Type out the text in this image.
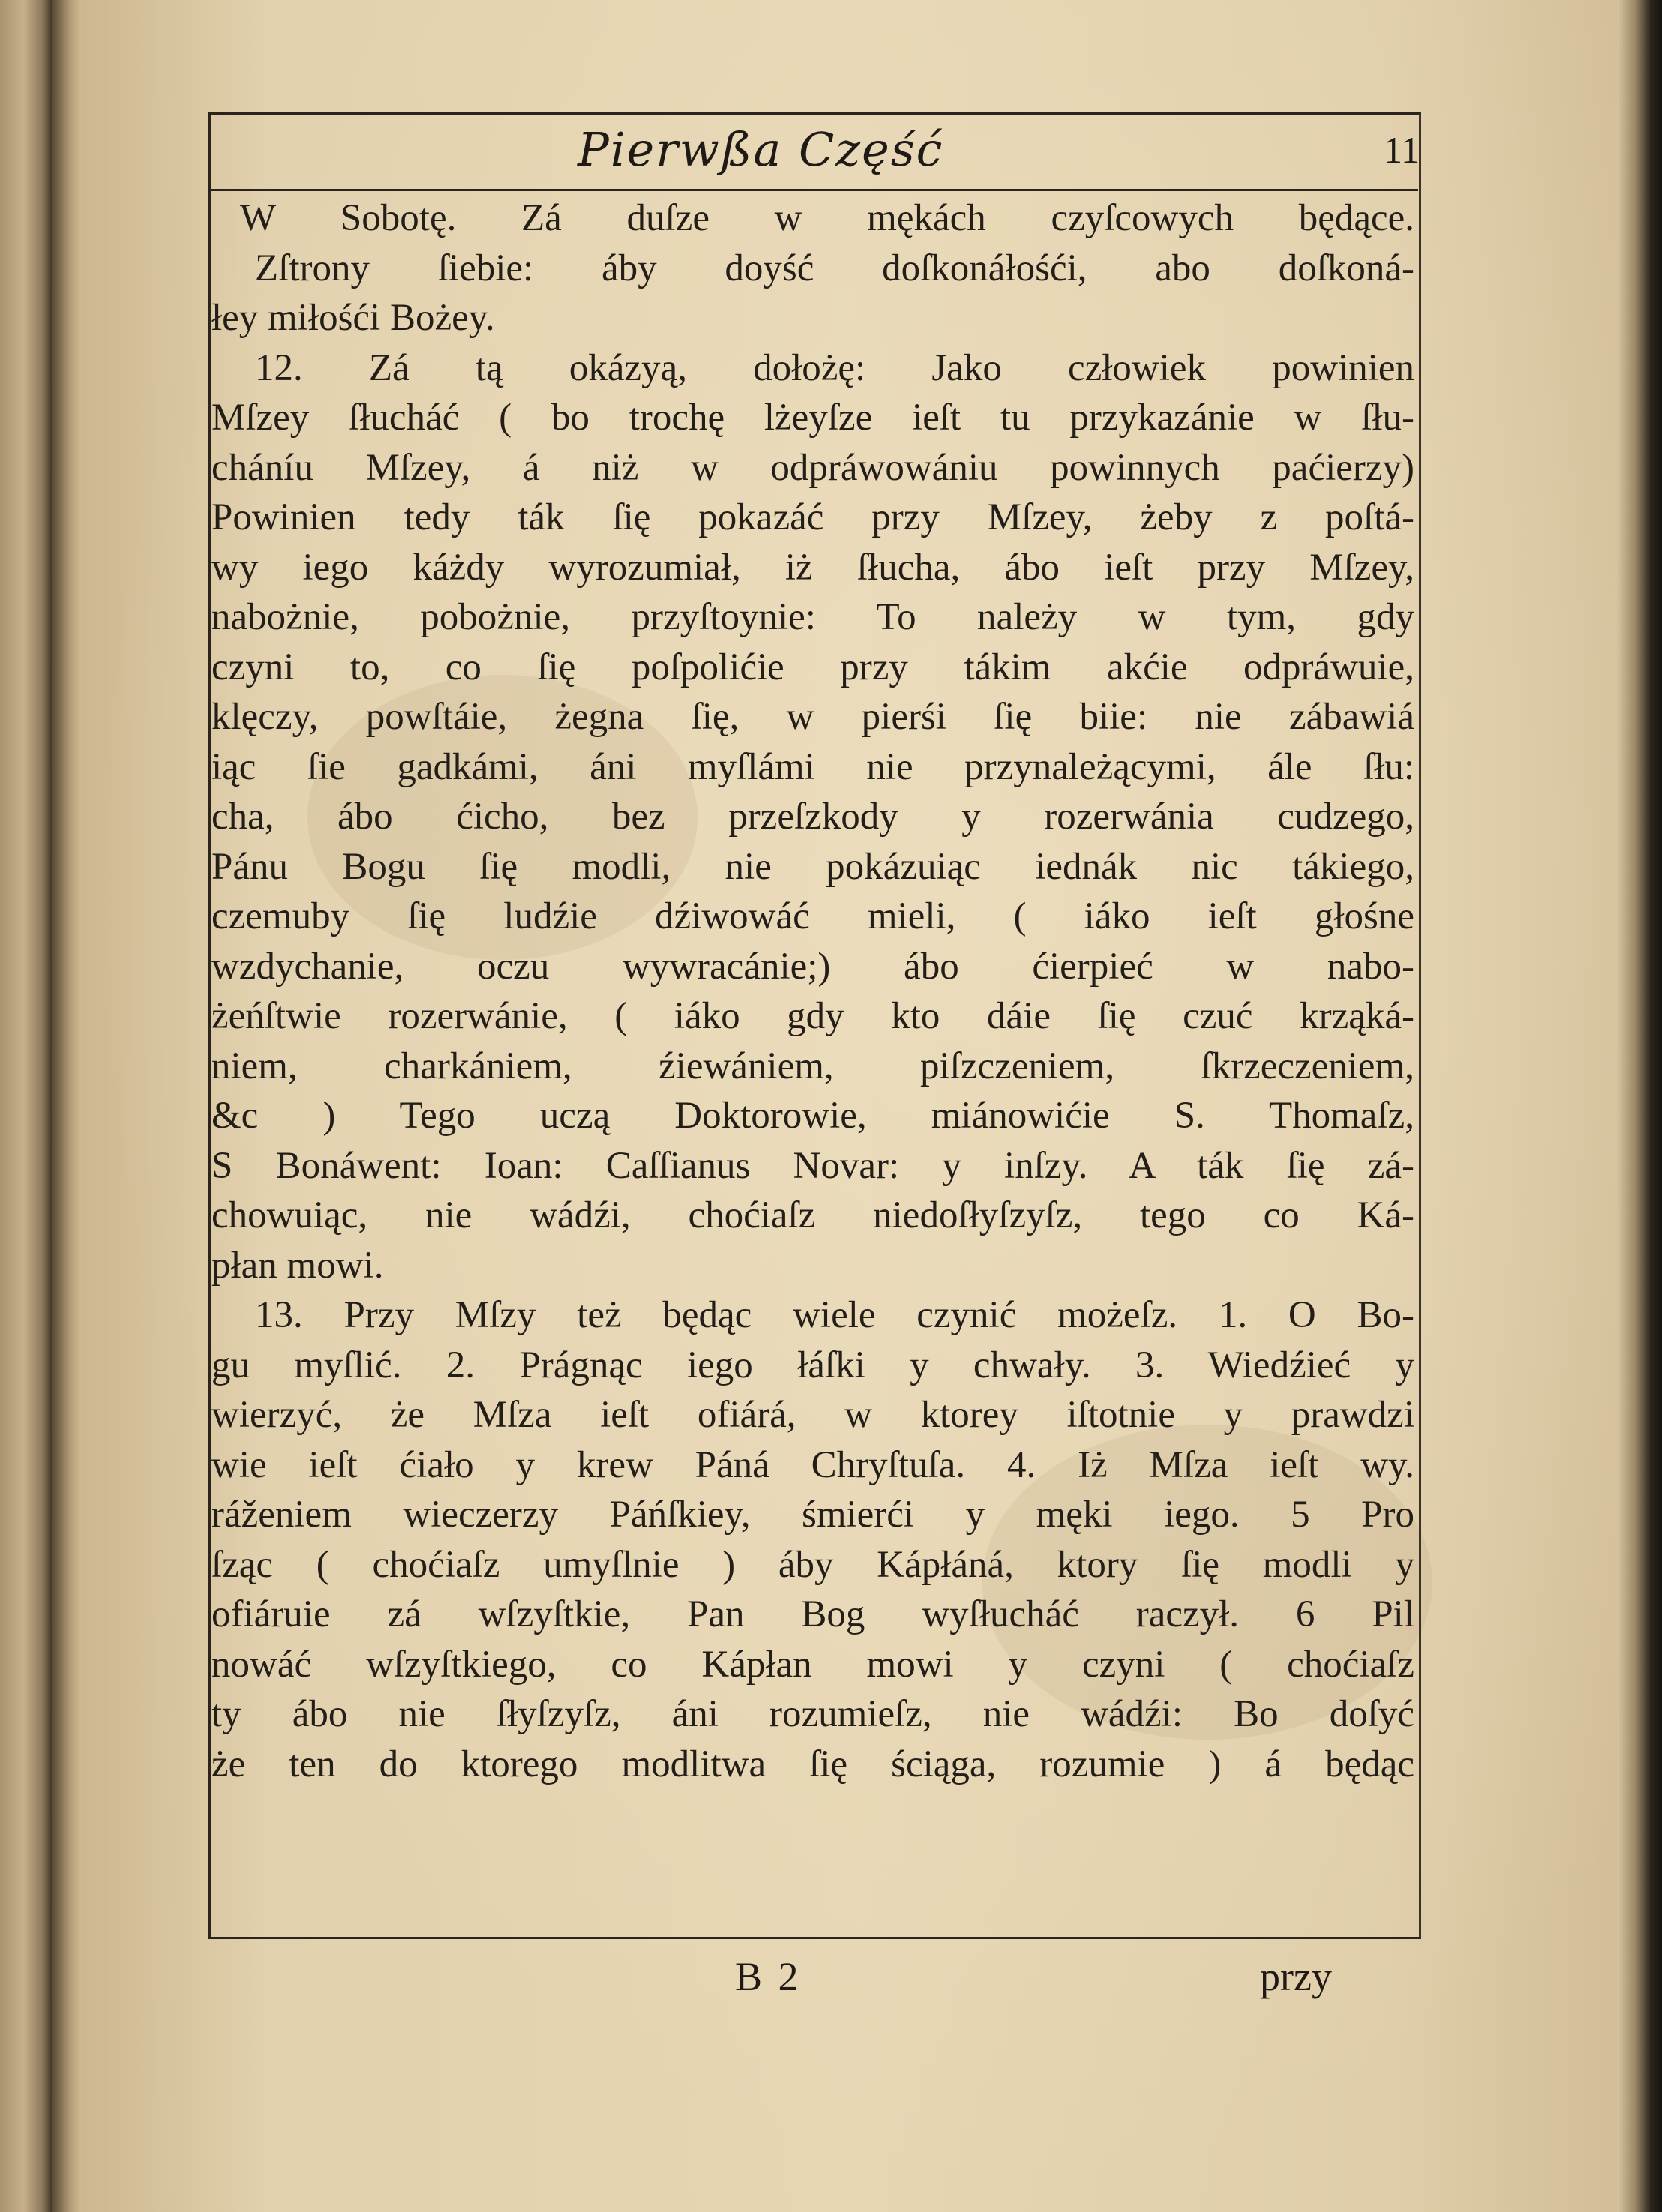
Pierwßa Część	11
W Sobotę. Zá duſze w mękách czyſcowych będące.
Zſtrony ſiebie: áby doyść doſkonáłośći, abo doſkoná-
łey miłośći Bożey.
12. Zá tą okázyą, dołożę: Jako człowiek powinien
Mſzey ſłucháć ( bo trochę lżeyſze ieſt tu przykazánie w ſłu-
cháníu Mſzey, á niż w odpráwowániu powinnych paćierzy)
Powinien tedy ták ſię pokazáć przy Mſzey, żeby z poſtá-
wy iego káżdy wyrozumiał, iż ſłucha, ábo ieſt przy Mſzey,
nabożnie, pobożnie, przyſtoynie: To należy w tym, gdy
czyni to, co ſię poſpolićie przy tákim akćie odpráwuie,
klęczy, powſtáie, żegna ſię, w pierśi ſię biie: nie zábawiá
iąc ſie gadkámi, áni myſlámi nie przynależącymi, ále ſłu:
cha, ábo ćicho, bez przeſzkody y rozerwánia cudzego,
Pánu Bogu ſię modli, nie pokázuiąc iednák nic tákiego,
czemuby ſię ludźie dźiwowáć mieli, ( iáko ieſt głośne
wzdychanie, oczu wywracánie;) ábo ćierpieć w nabo-
żeńſtwie rozerwánie, ( iáko gdy kto dáie ſię czuć krząká-
niem, charkániem, źiewániem, piſzczeniem, ſkrzeczeniem,
&c ) Tego uczą Doktorowie, miánowićie S. Thomaſz,
S Bonáwent: Ioan: Caſſianus Novar: y inſzy. A ták ſię zá-
chowuiąc, nie wádźi, choćiaſz niedoſłyſzyſz, tego co Ká-
płan mowi.
13. Przy Mſzy też będąc wiele czynić możeſz. 1. O Bo-
gu myſlić. 2. Prágnąc iego łáſki y chwały. 3. Wiedźieć y
wierzyć, że Mſza ieſt ofiárá, w ktorey iſtotnie y prawdzi
wie ieſt ćiało y krew Páná Chryſtuſa. 4. Iż Mſza ieſt wy.
ráženiem wieczerzy Páńſkiey, śmierći y męki iego. 5 Pro
ſząc ( choćiaſz umyſlnie ) áby Kápłáná, ktory ſię modli y
ofiáruie zá wſzyſtkie, Pan Bog wyſłucháć raczył. 6 Pil
nowáć wſzyſtkiego, co Kápłan mowi y czyni ( choćiaſz
ty ábo nie ſłyſzyſz, áni rozumieſz, nie wádźi: Bo doſyć
że ten do ktorego modlitwa ſię ściąga, rozumie ) á będąc
B 2	przy
